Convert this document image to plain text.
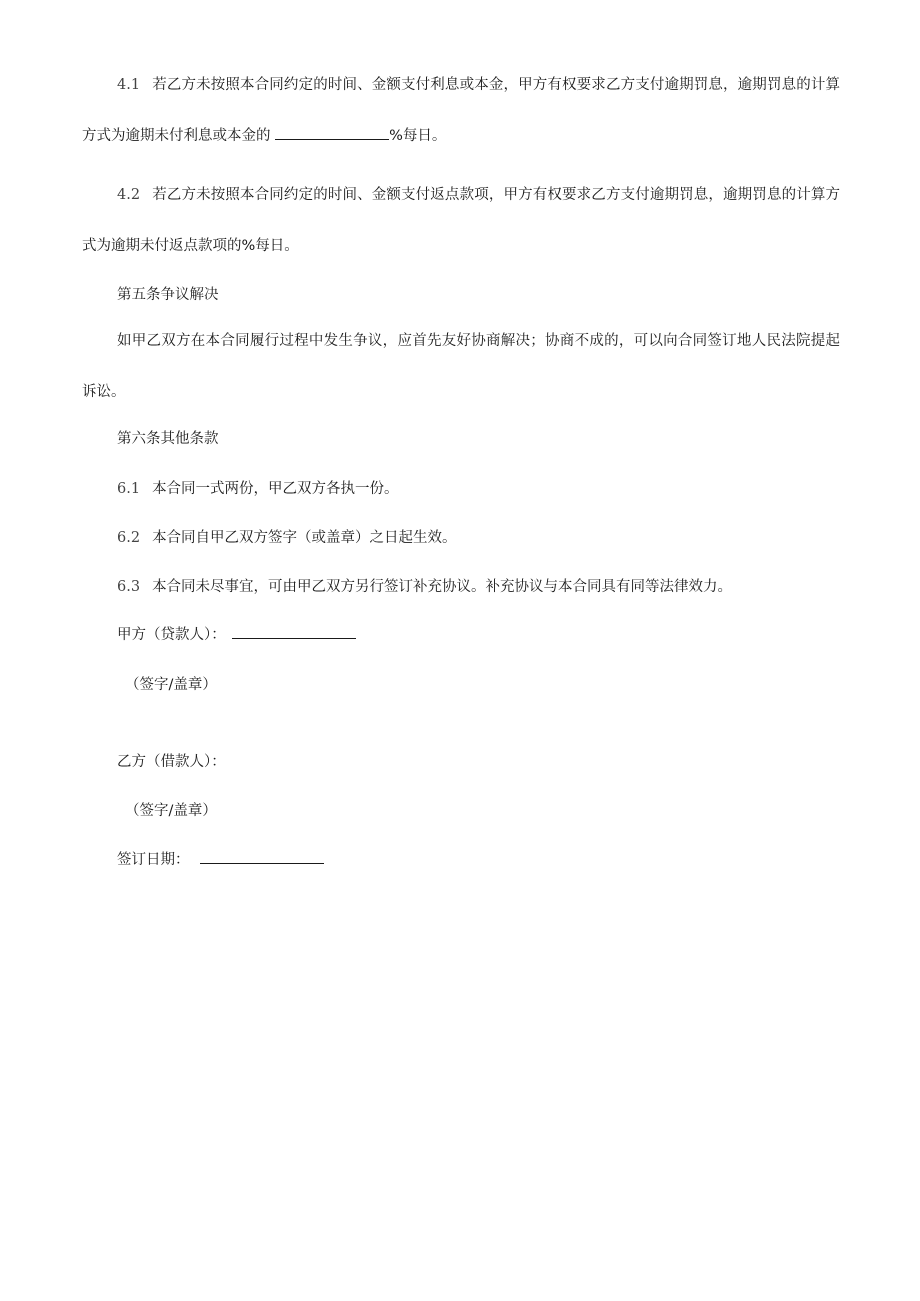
4.1 若乙方未按照本合同约定的时间、金额支付利息或本金，甲方有权要求乙方支付逾期罚息，逾期罚息的计算方式为逾期未付利息或本金的	%每日。

4.2 若乙方未按照本合同约定的时间、金额支付返点款项，甲方有权要求乙方支付逾期罚息，逾期罚息的计算方式为逾期未付返点款项的%每日。

第五条争议解决

如甲乙双方在本合同履行过程中发生争议，应首先友好协商解决；协商不成的，可以向合同签订地人民法院提起诉讼。

第六条其他条款

6.1 本合同一式两份，甲乙双方各执一份。

6.2 本合同自甲乙双方签字（或盖章）之日起生效。

6.3 本合同未尽事宜，可由甲乙双方另行签订补充协议。补充协议与本合同具有同等法律效力。

甲方（贷款人）：

（签字/盖章）

乙方（借款人）：

（签字/盖章）

签订日期：
